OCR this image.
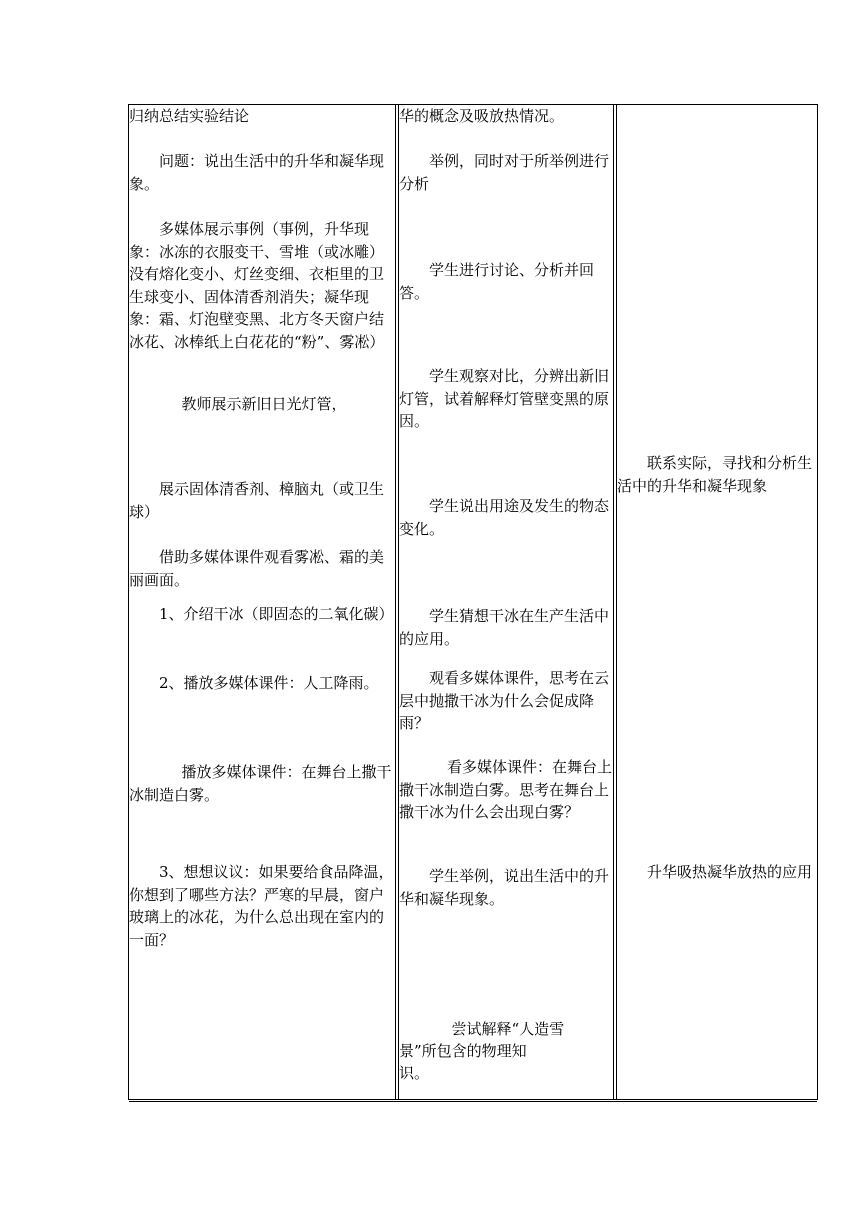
归纳总结实验结论

问题：说出生活中的升华和凝华现象。

多媒体展示事例（事例，升华现象：冰冻的衣服变干、雪堆（或冰雕）没有熔化变小、灯丝变细、衣柜里的卫生球变小、固体清香剂消失；凝华现象：霜、灯泡壁变黑、北方冬天窗户结冰花、冰棒纸上白花花的“粉”、雾凇）

教师展示新旧日光灯管，

展示固体清香剂、樟脑丸（或卫生球）

借助多媒体课件观看雾凇、霜的美丽画面。

1、介绍干冰（即固态的二氧化碳）

2、播放多媒体课件：人工降雨。

播放多媒体课件：在舞台上撒干冰制造白雾。

3、想想议议：如果要给食品降温，你想到了哪些方法？严寒的早晨，窗户玻璃上的冰花，为什么总出现在室内的一面？

华的概念及吸放热情况。

举例，同时对于所举例进行分析

学生进行讨论、分析并回答。

学生观察对比，分辨出新旧灯管，试着解释灯管壁变黑的原因。

学生说出用途及发生的物态变化。

学生猜想干冰在生产生活中的应用。

观看多媒体课件，思考在云层中抛撒干冰为什么会促成降雨？

看多媒体课件：在舞台上撒干冰制造白雾。思考在舞台上撒干冰为什么会出现白雾？

学生举例，说出生活中的升华和凝华现象。

尝试解释“人造雪

景”所包含的物理知

识。

联系实际，寻找和分析生活中的升华和凝华现象

升华吸热凝华放热的应用
